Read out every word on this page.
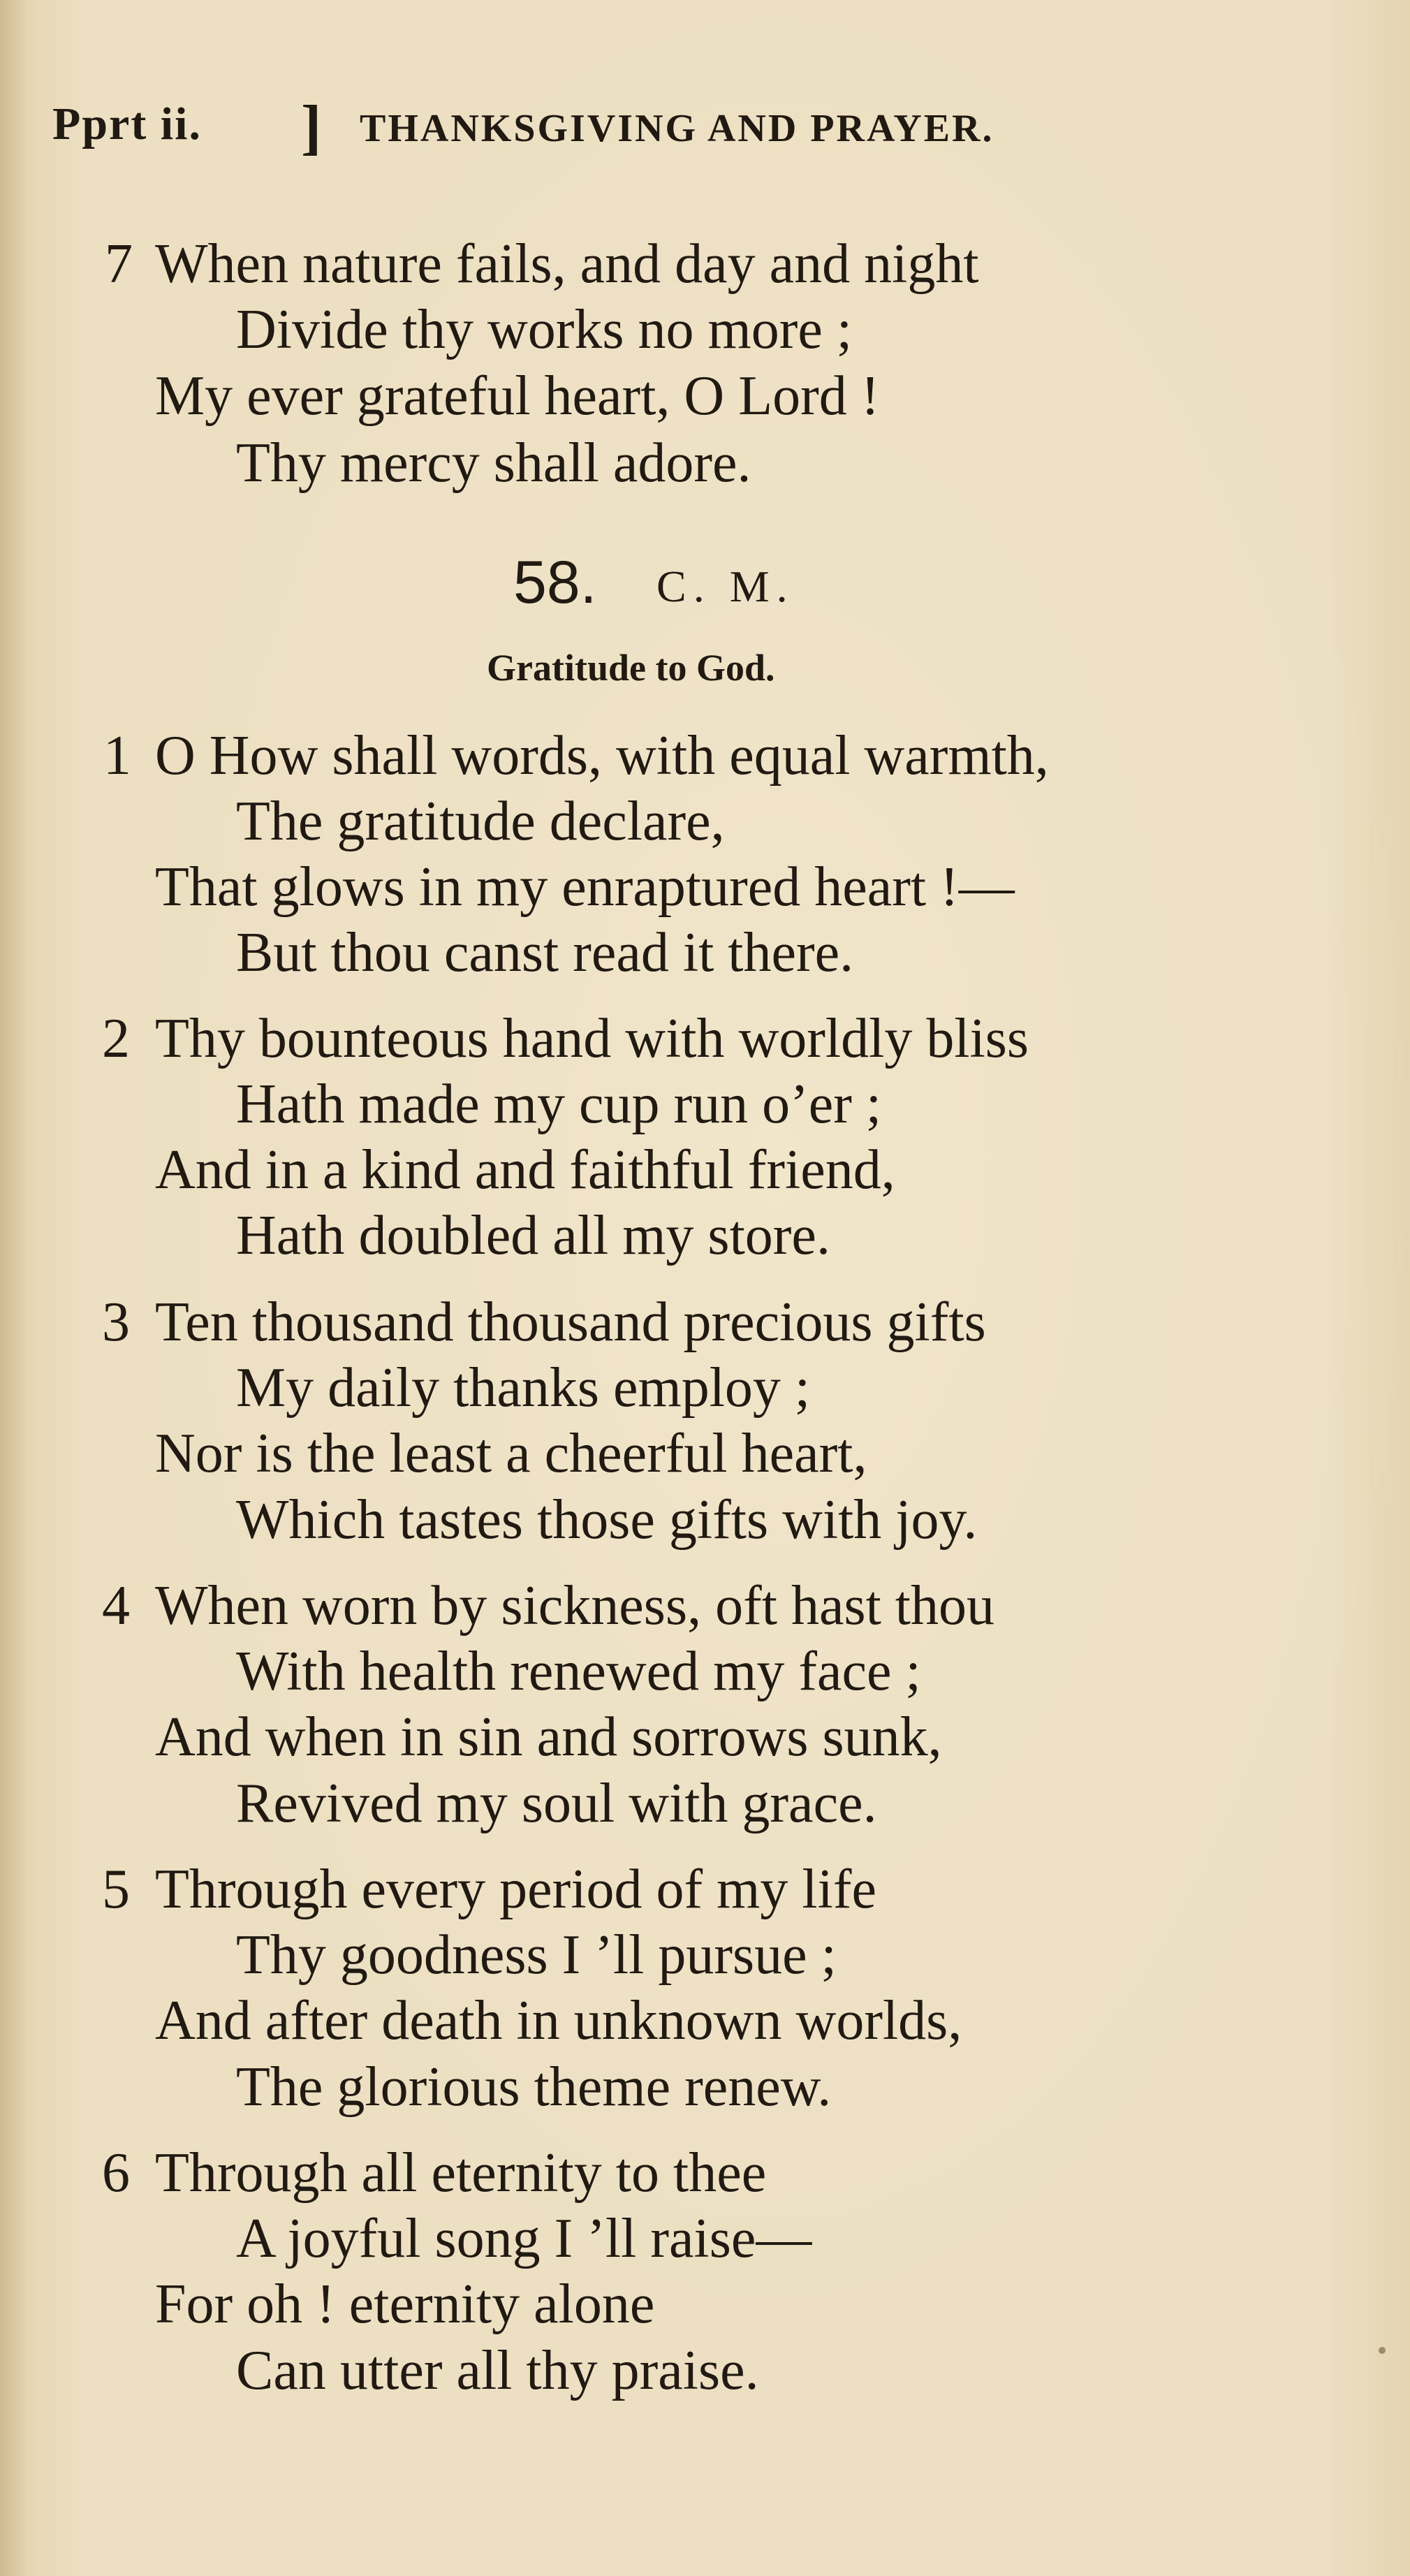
Pprt ii. ] THANKSGIVING AND PRAYER.
7 When nature fails, and day and night
Divide thy works no more ;
My ever grateful heart, O Lord !
Thy mercy shall adore.
58. C. M.
Gratitude to God.
1 O How shall words, with equal warmth,
The gratitude declare,
That glows in my enraptured heart !—
But thou canst read it there.
2 Thy bounteous hand with worldly bliss
Hath made my cup run o’er ;
And in a kind and faithful friend,
Hath doubled all my store.
3 Ten thousand thousand precious gifts
My daily thanks employ ;
Nor is the least a cheerful heart,
Which tastes those gifts with joy.
4 When worn by sickness, oft hast thou
With health renewed my face ;
And when in sin and sorrows sunk,
Revived my soul with grace.
5 Through every period of my life
Thy goodness I ’ll pursue ;
And after death in unknown worlds,
The glorious theme renew.
6 Through all eternity to thee
A joyful song I ’ll raise—
For oh ! eternity alone
Can utter all thy praise.
